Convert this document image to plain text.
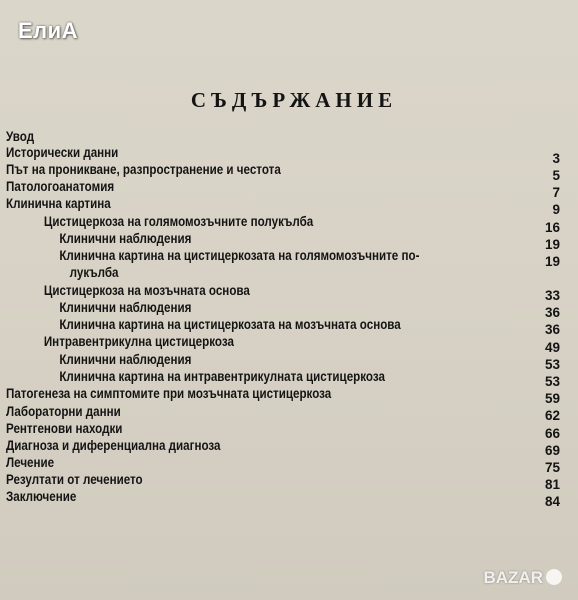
ЕлиА
СЪДЪРЖАНИЕ
Увод
Исторически данни
Път на проникване, разпространение и честота
Патологоанатомия
Клинична картина
Цистицеркоза на голямомозъчните полукълба
Клинични наблюдения
Клинична картина на цистицеркозата на голямомозъчните по-
лукълба
Цистицеркоза на мозъчната основа
Клинични наблюдения
Клинична картина на цистицеркозата на мозъчната основа
Интравентрикулна цистицеркоза
Клинични наблюдения
Клинична картина на интравентрикулната цистицеркоза
Патогенеза на симптомите при мозъчната цистицеркоза
Лабораторни данни
Рентгенови находки
Диагноза и диференциална диагноза
Лечение
Резултати от лечението
Заключение
3
5
7
9
16
19
19
33
36
36
49
53
53
59
62
66
69
75
81
84
BAZAR
